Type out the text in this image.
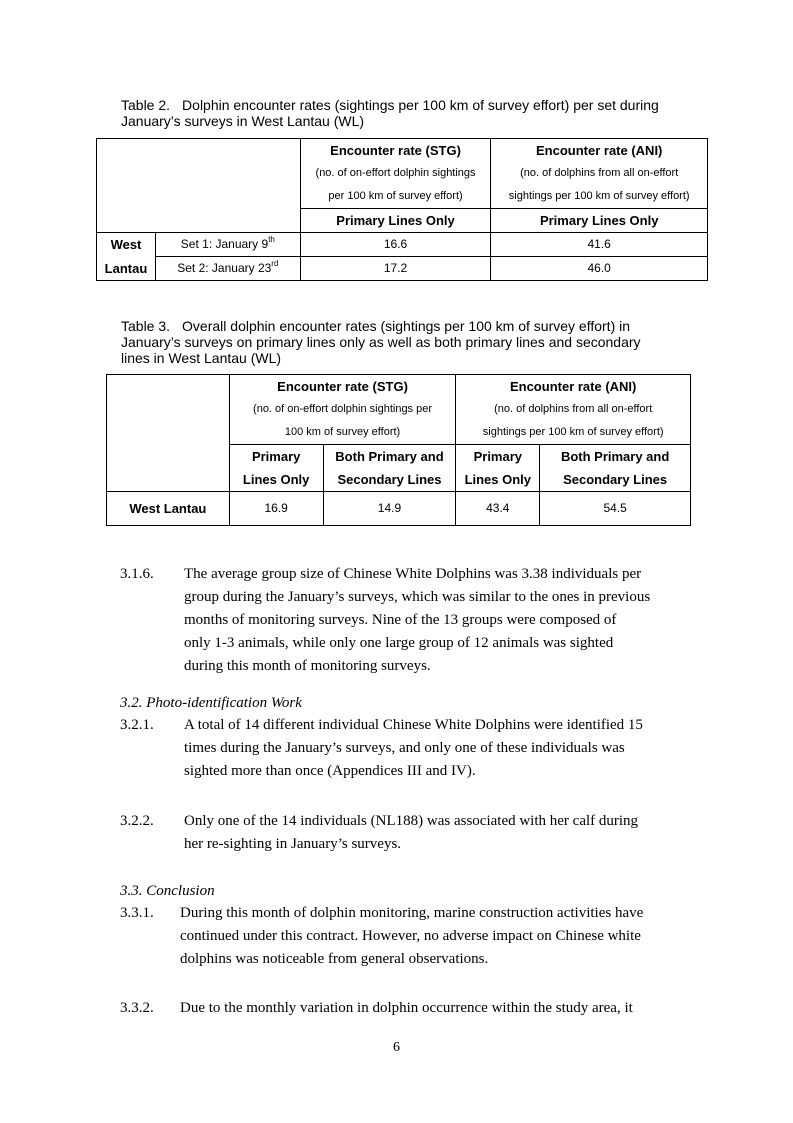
Table 2. Dolphin encounter rates (sightings per 100 km of survey effort) per set during
January’s surveys in West Lantau (WL)
		Encounter rate (STG)	Encounter rate (ANI)
		(no. of on-effort dolphin sightings	(no. of dolphins from all on-effort
		per 100 km of survey effort)	sightings per 100 km of survey effort)
		Primary Lines Only	Primary Lines Only
West	Set 1: January 9th	16.6	41.6
Lantau	Set 2: January 23rd	17.2	46.0
Table 3. Overall dolphin encounter rates (sightings per 100 km of survey effort) in
January’s surveys on primary lines only as well as both primary lines and secondary
lines in West Lantau (WL)
	Encounter rate (STG)		Encounter rate (ANI)	
	(no. of on-effort dolphin sightings per		(no. of dolphins from all on-effort	
	100 km of survey effort)		sightings per 100 km of survey effort)	
	Primary	Both Primary and	Primary	Both Primary and
	Lines Only	Secondary Lines	Lines Only	Secondary Lines
West Lantau	16.9	14.9	43.4	54.5
3.1.6. The average group size of Chinese White Dolphins was 3.38 individuals per
group during the January’s surveys, which was similar to the ones in previous
months of monitoring surveys. Nine of the 13 groups were composed of
only 1-3 animals, while only one large group of 12 animals was sighted
during this month of monitoring surveys.
3.2. Photo-identification Work
3.2.1. A total of 14 different individual Chinese White Dolphins were identified 15
times during the January’s surveys, and only one of these individuals was
sighted more than once (Appendices III and IV).
3.2.2. Only one of the 14 individuals (NL188) was associated with her calf during
her re-sighting in January’s surveys.
3.3. Conclusion
3.3.1. During this month of dolphin monitoring, marine construction activities have
continued under this contract. However, no adverse impact on Chinese white
dolphins was noticeable from general observations.
3.3.2. Due to the monthly variation in dolphin occurrence within the study area, it
6
